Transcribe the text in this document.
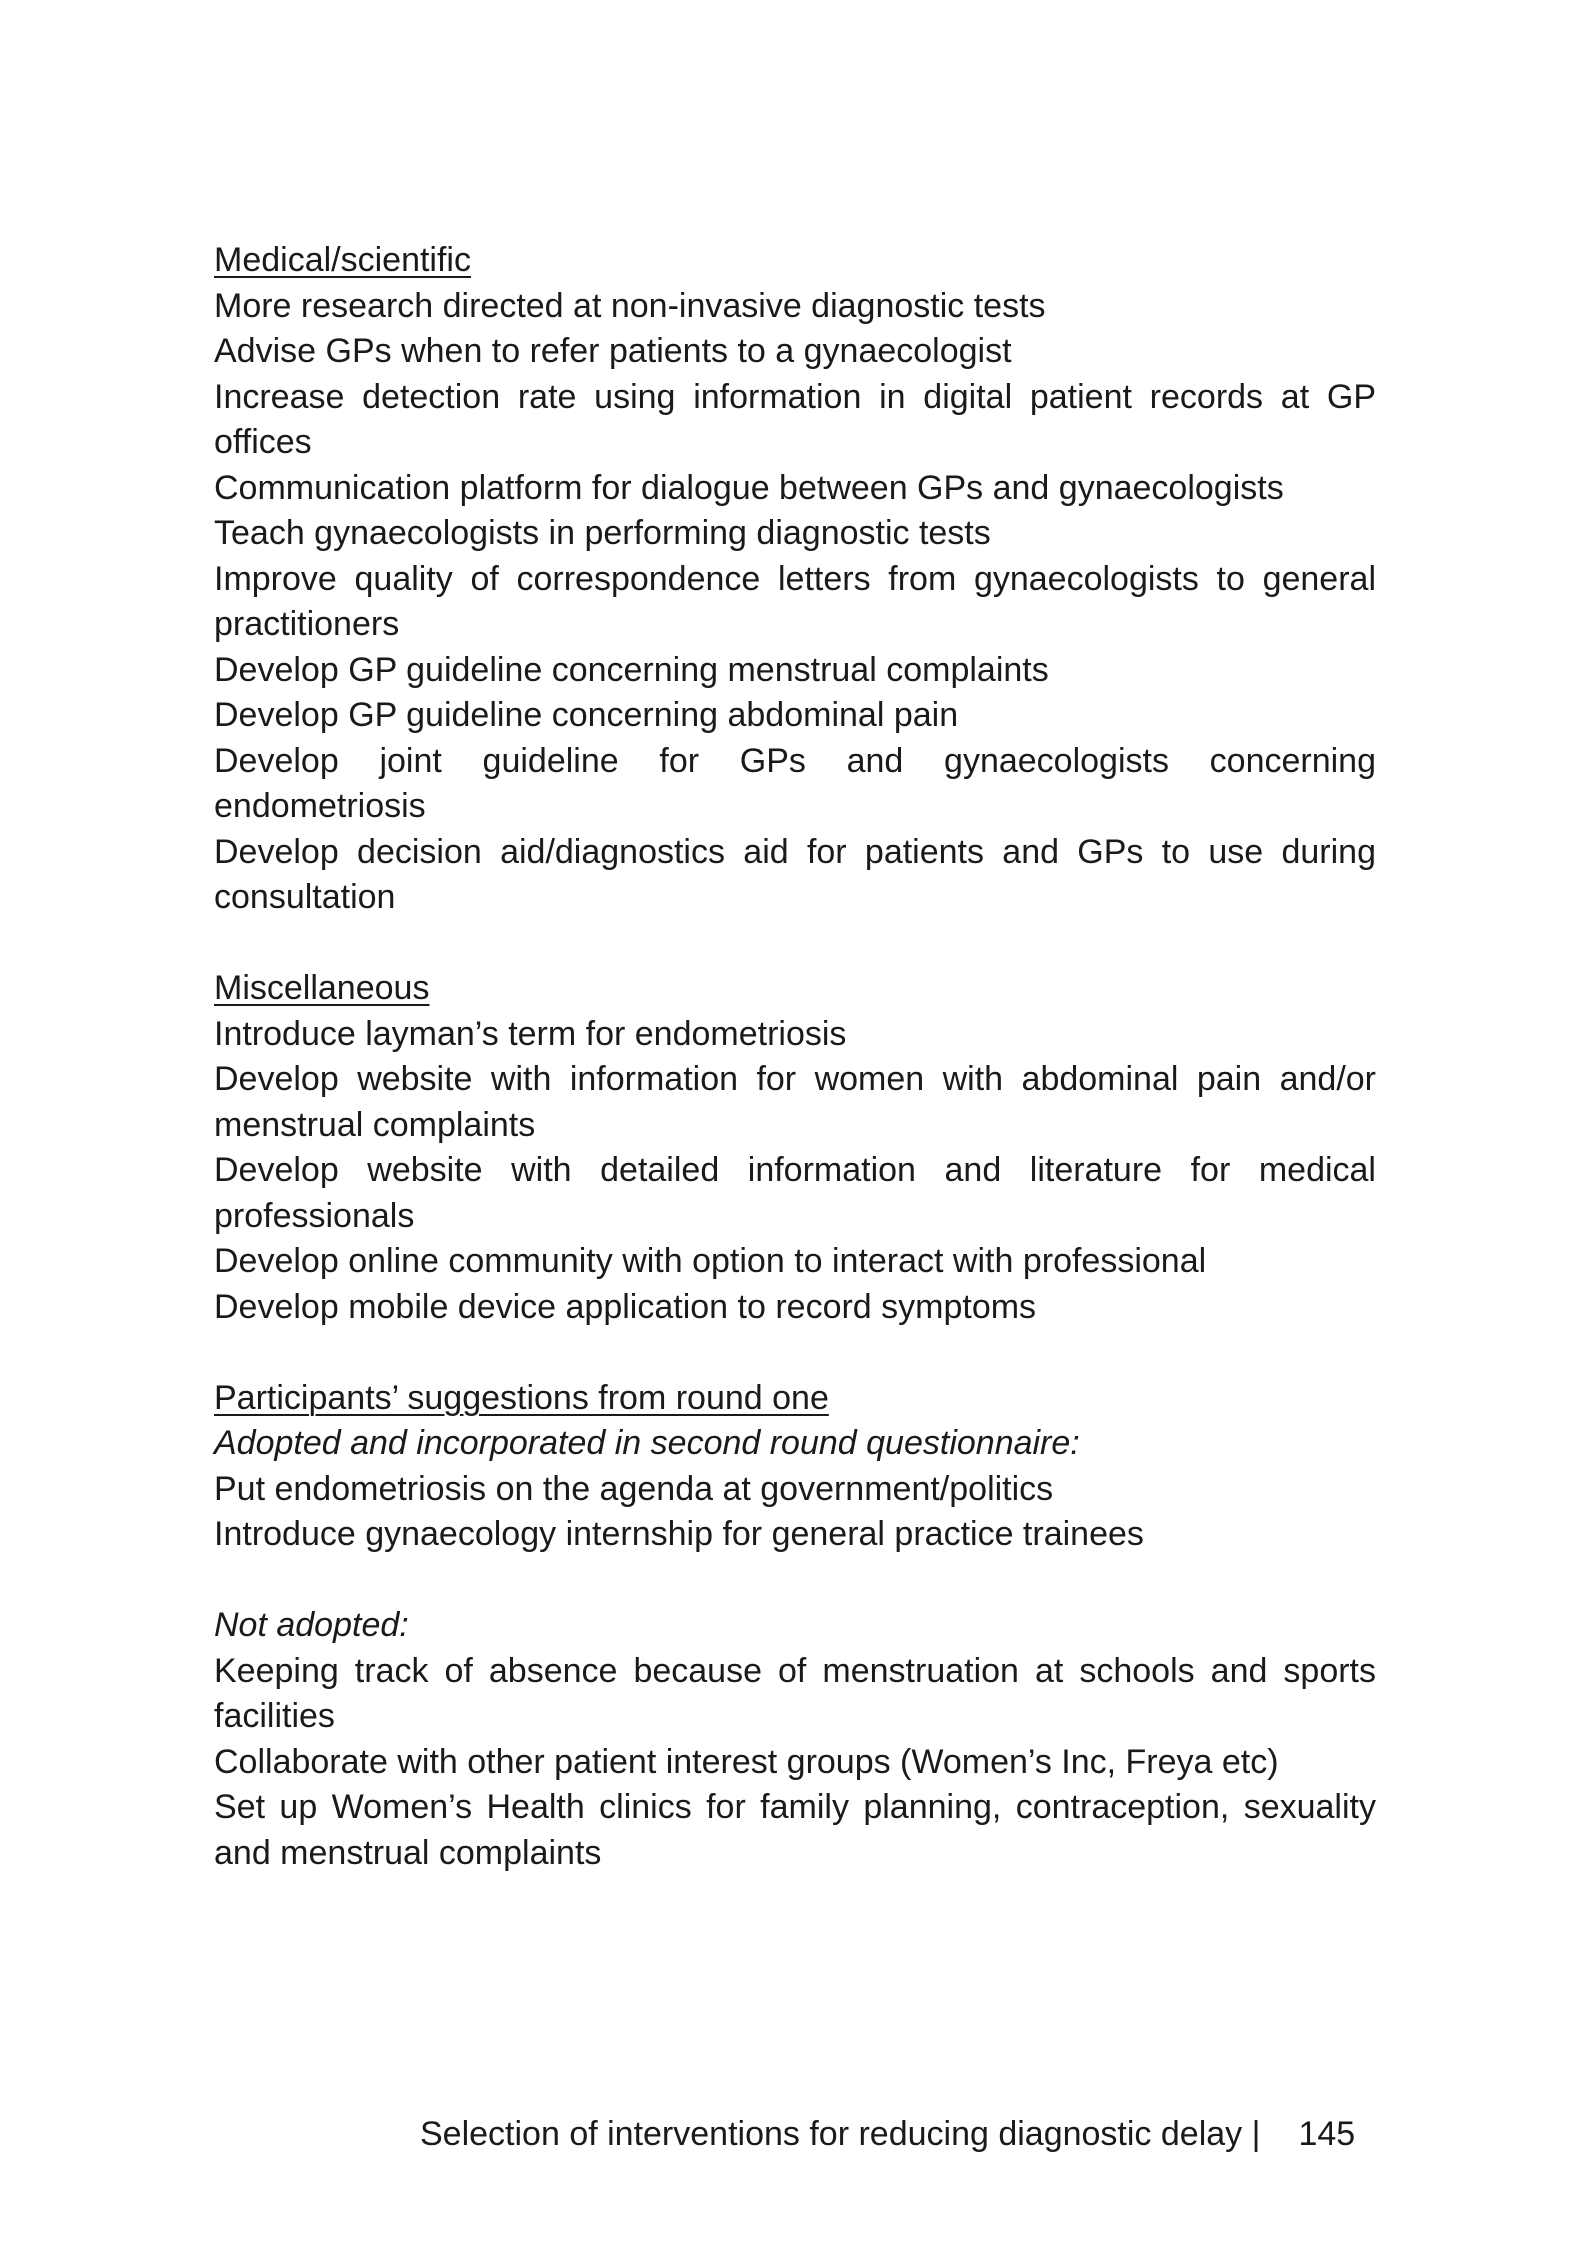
Medical/scientific
More research directed at non-invasive diagnostic tests
Advise GPs when to refer patients to a gynaecologist
Increase detection rate using information in digital patient records at GP offices
Communication platform for dialogue between GPs and gynaecologists
Teach gynaecologists in performing diagnostic tests
Improve quality of correspondence letters from gynaecologists to general practitioners
Develop GP guideline concerning menstrual complaints
Develop GP guideline concerning abdominal pain
Develop joint guideline for GPs and gynaecologists concerning endometriosis
Develop decision aid/diagnostics aid for patients and GPs to use during consultation
Miscellaneous
Introduce layman’s term for endometriosis
Develop website with information for women with abdominal pain and/or menstrual complaints
Develop website with detailed information and literature for medical professionals
Develop online community with option to interact with professional
Develop mobile device application to record symptoms
Participants’ suggestions from round one
Adopted and incorporated in second round questionnaire:
Put endometriosis on the agenda at government/politics
Introduce gynaecology internship for general practice trainees
Not adopted:
Keeping track of absence because of menstruation at schools and sports facilities
Collaborate with other patient interest groups (Women’s Inc, Freya etc)
Set up Women’s Health clinics for family planning, contraception, sexuality and menstrual complaints
Selection of interventions for reducing diagnostic delay | 145
